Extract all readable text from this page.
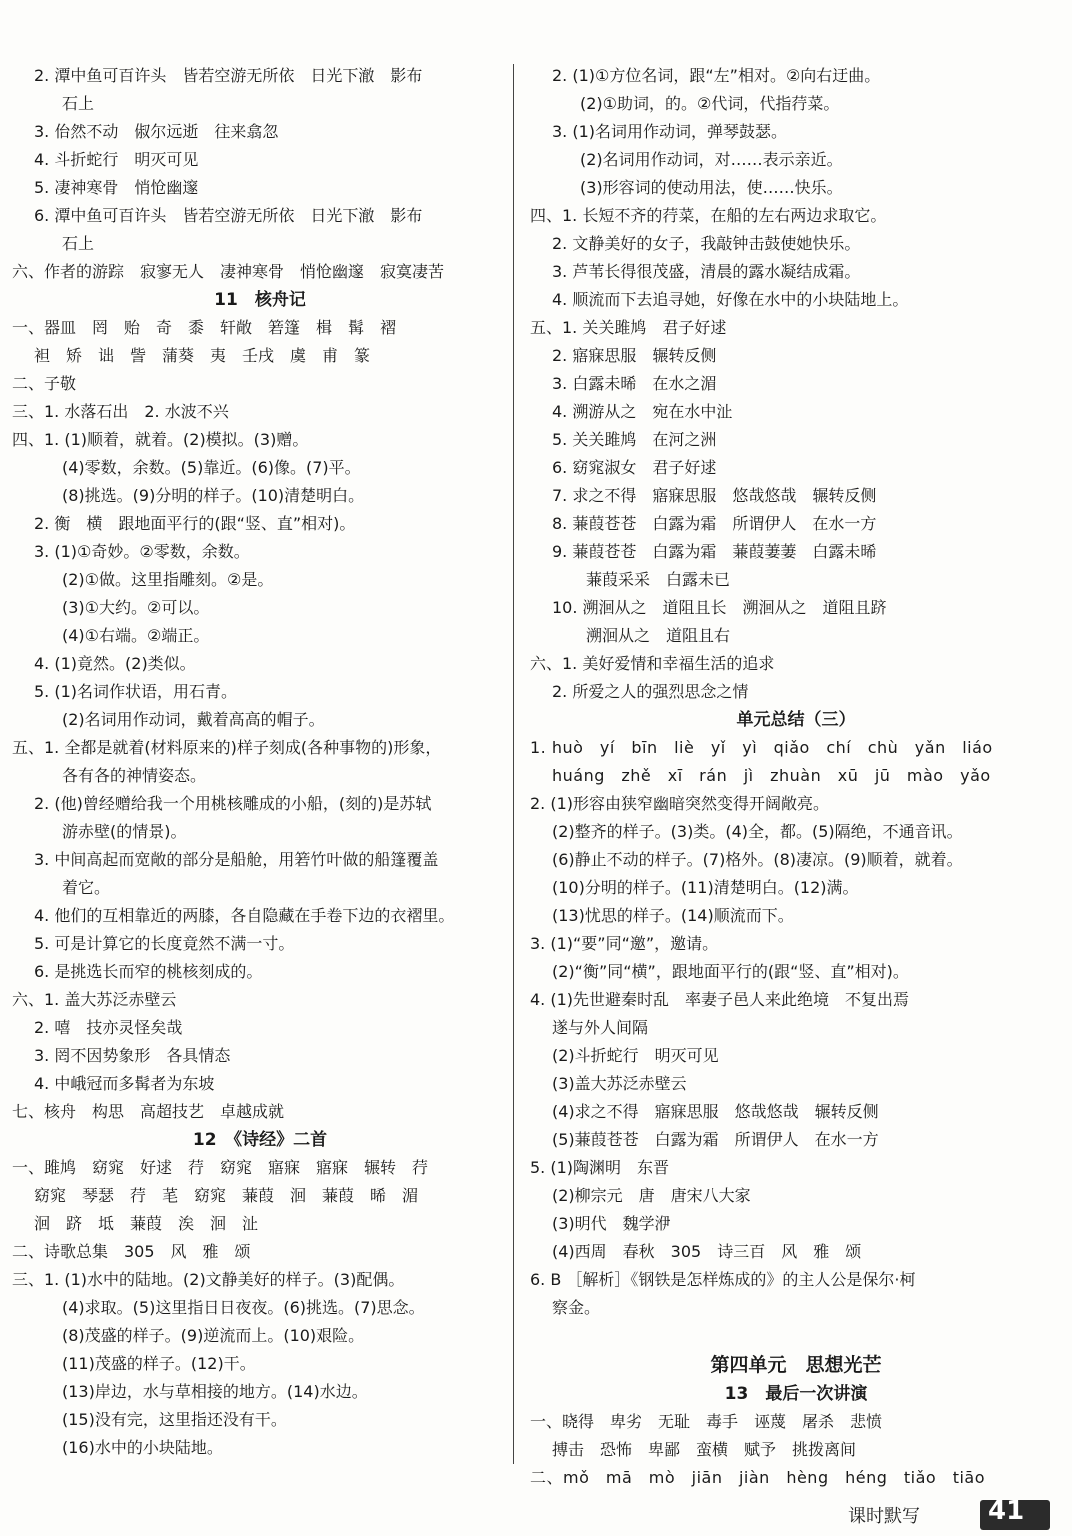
2. 潭中鱼可百许头　皆若空游无所依　日光下澈　影布
石上
3. 佁然不动　俶尔远逝　往来翕忽
4. 斗折蛇行　明灭可见
5. 凄神寒骨　悄怆幽邃
6. 潭中鱼可百许头　皆若空游无所依　日光下澈　影布
石上
六、作者的游踪　寂寥无人　凄神寒骨　悄怆幽邃　寂寞凄苦
11　核舟记
一、器皿　罔　贻　奇　黍　轩敞　箬篷　楫　髯　褶
袒　矫　诎　訾　蒲葵　夷　壬戌　虞　甫　篆
二、子敬
三、1. 水落石出　2. 水波不兴
四、1. (1)顺着，就着。(2)模拟。(3)赠。
(4)零数，余数。(5)靠近。(6)像。(7)平。
(8)挑选。(9)分明的样子。(10)清楚明白。
2. 衡　横　跟地面平行的(跟“竖、直”相对)。
3. (1)①奇妙。②零数，余数。
(2)①做。这里指雕刻。②是。
(3)①大约。②可以。
(4)①右端。②端正。
4. (1)竟然。(2)类似。
5. (1)名词作状语，用石青。
(2)名词用作动词，戴着高高的帽子。
五、1. 全都是就着(材料原来的)样子刻成(各种事物的)形象，
各有各的神情姿态。
2. (他)曾经赠给我一个用桃核雕成的小船，(刻的)是苏轼
游赤壁(的情景)。
3. 中间高起而宽敞的部分是船舱，用箬竹叶做的船篷覆盖
着它。
4. 他们的互相靠近的两膝，各自隐藏在手卷下边的衣褶里。
5. 可是计算它的长度竟然不满一寸。
6. 是挑选长而窄的桃核刻成的。
六、1. 盖大苏泛赤壁云
2. 嘻　技亦灵怪矣哉
3. 罔不因势象形　各具情态
4. 中峨冠而多髯者为东坡
七、核舟　构思　高超技艺　卓越成就
12　《诗经》二首
一、雎鸠　窈窕　好逑　荇　窈窕　寤寐　寤寐　辗转　荇
窈窕　琴瑟　荇　芼　窈窕　蒹葭　洄　蒹葭　晞　湄
洄　跻　坻　蒹葭　涘　洄　沚
二、诗歌总集　305　风　雅　颂
三、1. (1)水中的陆地。(2)文静美好的样子。(3)配偶。
(4)求取。(5)这里指日日夜夜。(6)挑选。(7)思念。
(8)茂盛的样子。(9)逆流而上。(10)艰险。
(11)茂盛的样子。(12)干。
(13)岸边，水与草相接的地方。(14)水边。
(15)没有完，这里指还没有干。
(16)水中的小块陆地。
2. (1)①方位名词，跟“左”相对。②向右迂曲。
(2)①助词，的。②代词，代指荇菜。
3. (1)名词用作动词，弹琴鼓瑟。
(2)名词用作动词，对……表示亲近。
(3)形容词的使动用法，使……快乐。
四、1. 长短不齐的荇菜，在船的左右两边求取它。
2. 文静美好的女子，我敲钟击鼓使她快乐。
3. 芦苇长得很茂盛，清晨的露水凝结成霜。
4. 顺流而下去追寻她，好像在水中的小块陆地上。
五、1. 关关雎鸠　君子好逑
2. 寤寐思服　辗转反侧
3. 白露未晞　在水之湄
4. 溯游从之　宛在水中沚
5. 关关雎鸠　在河之洲
6. 窈窕淑女　君子好逑
7. 求之不得　寤寐思服　悠哉悠哉　辗转反侧
8. 蒹葭苍苍　白露为霜　所谓伊人　在水一方
9. 蒹葭苍苍　白露为霜　蒹葭萋萋　白露未晞
蒹葭采采　白露未已
10. 溯洄从之　道阻且长　溯洄从之　道阻且跻
溯洄从之　道阻且右
六、1. 美好爱情和幸福生活的追求
2. 所爱之人的强烈思念之情
单元总结（三）
1. huò　yí　bīn　liè　yǐ　yì　qiǎo　chí　chù　yǎn　liáo
huáng　zhě　xī　rán　jì　zhuàn　xū　jū　mào　yǎo
2. (1)形容由狭窄幽暗突然变得开阔敞亮。
(2)整齐的样子。(3)类。(4)全，都。(5)隔绝，不通音讯。
(6)静止不动的样子。(7)格外。(8)凄凉。(9)顺着，就着。
(10)分明的样子。(11)清楚明白。(12)满。
(13)忧思的样子。(14)顺流而下。
3. (1)“要”同“邀”，邀请。
(2)“衡”同“横”，跟地面平行的(跟“竖、直”相对)。
4. (1)先世避秦时乱　率妻子邑人来此绝境　不复出焉
遂与外人间隔
(2)斗折蛇行　明灭可见
(3)盖大苏泛赤壁云
(4)求之不得　寤寐思服　悠哉悠哉　辗转反侧
(5)蒹葭苍苍　白露为霜　所谓伊人　在水一方
5. (1)陶渊明　东晋
(2)柳宗元　唐　唐宋八大家
(3)明代　魏学洢
(4)西周　春秋　305　诗三百　风　雅　颂
6. B ［解析］《钢铁是怎样炼成的》的主人公是保尔·柯
察金。
第四单元　思想光芒
13　最后一次讲演
一、晓得　卑劣　无耻　毒手　诬蔑　屠杀　悲愤
搏击　恐怖　卑鄙　蛮横　赋予　挑拨离间
二、mǒ　mā　mò　jiān　jiàn　hèng　héng　tiǎo　tiāo
课时默写	41
